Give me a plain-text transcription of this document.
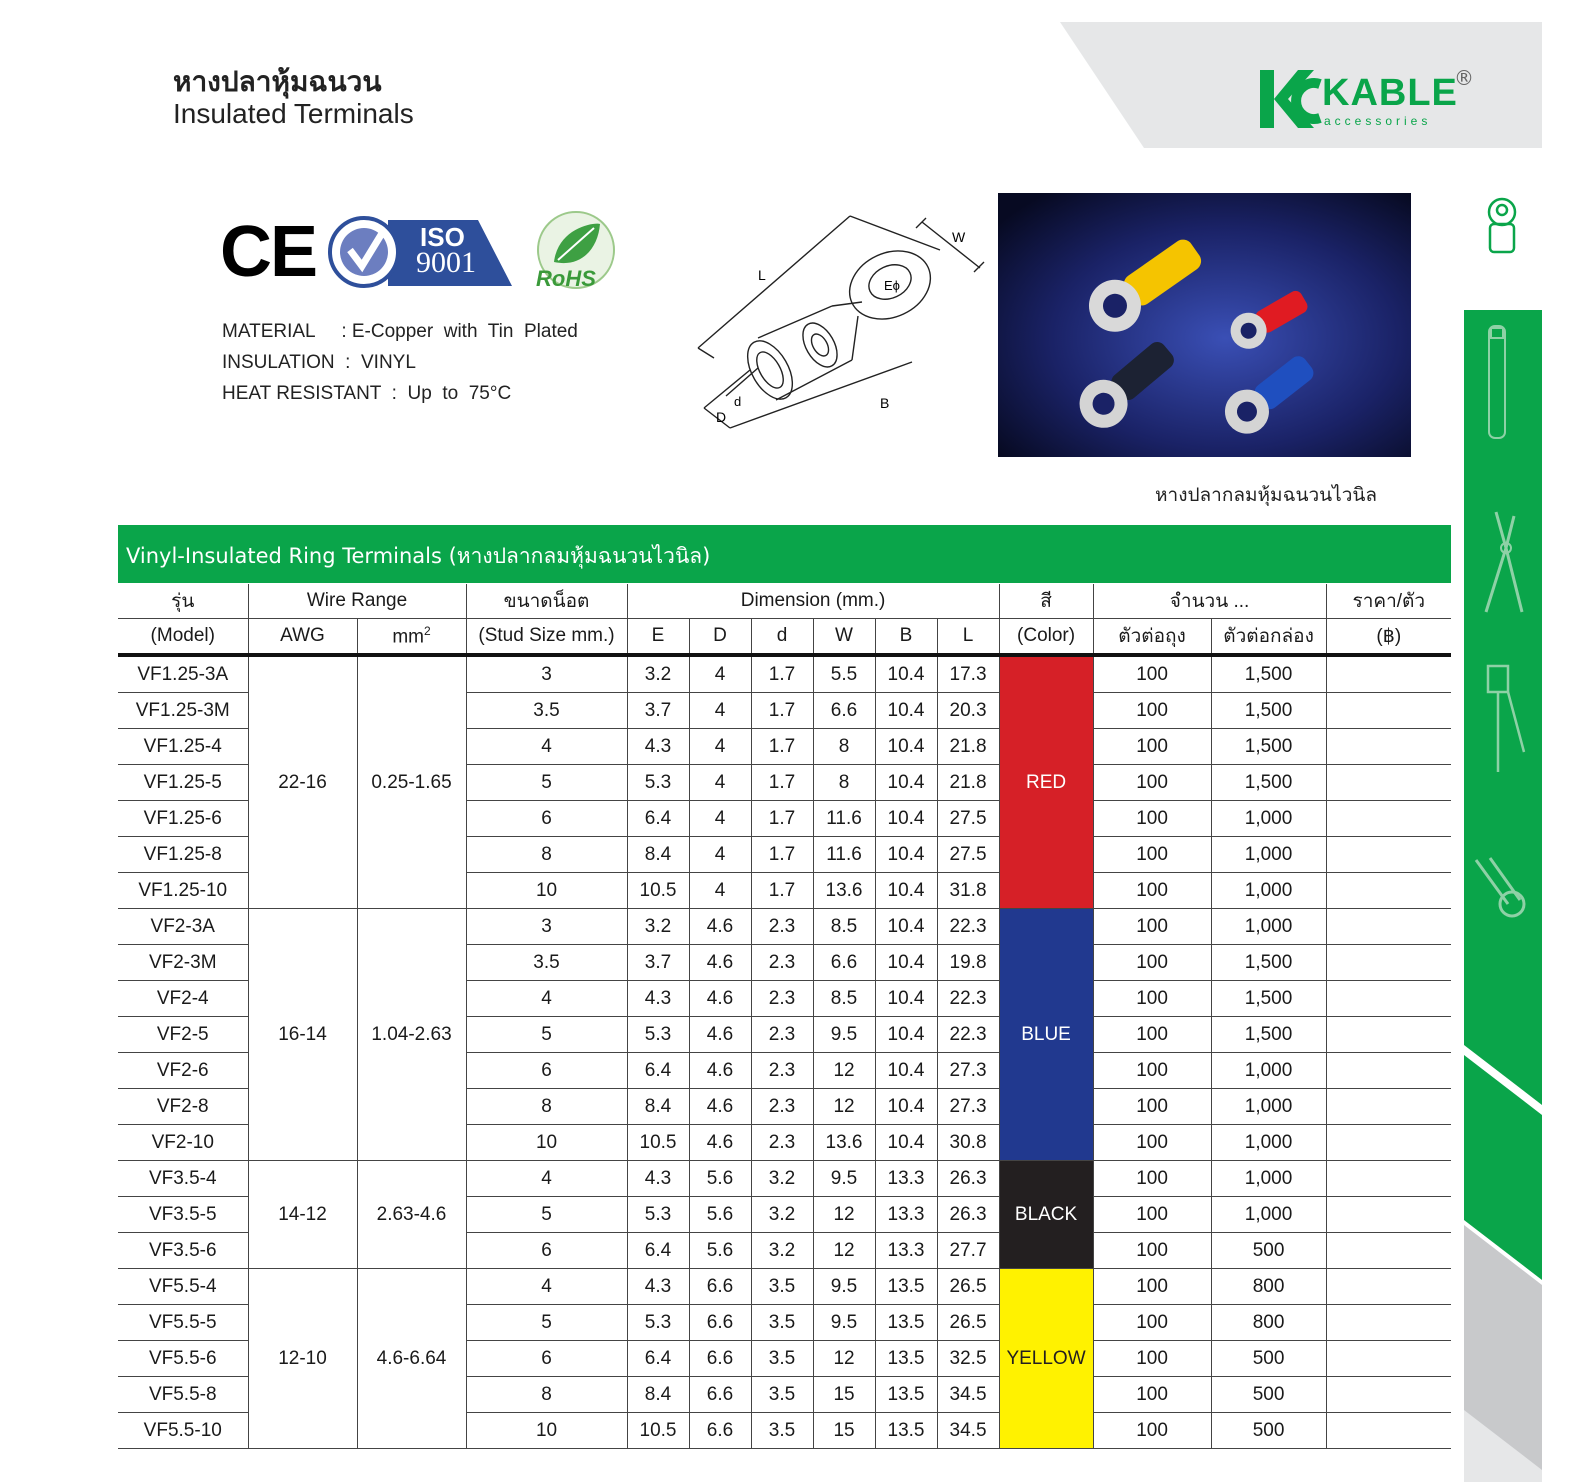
หางปลาหุ้มฉนวน
Insulated Terminals	KABLE
®
accessories
CE	ISO
9001	RoHS
MATERIAL : E-Copper  with  Tin  Plated
INSULATION :  VINYL
HEAT RESISTANT :  Up  to  75°C
L
W
Eϕ
d
D
B
หางปลากลมหุ้มฉนวนไวนิล
Vinyl-Insulated Ring Terminals (หางปลากลมหุ้มฉนวนไวนิล)
รุ่น	Wire Range		ขนาดน็อต	Dimension (mm.)						สี	จำนวน ...		ราคา/ตัว
(Model)	AWG	$mm^2$	(Stud Size mm.)	E	D	d	W	B	L	(Color)	ตัวต่อถุง	ตัวต่อกล่อง	(฿)
VF1.25-3A	22-16	0.25-1.65	3	3.2	4	1.7	5.5	10.4	17.3	RED	100	1,500	
VF1.25-3M			3.5	3.7	4	1.7	6.6	10.4	20.3		100	1,500	
VF1.25-4			4	4.3	4	1.7	8	10.4	21.8		100	1,500	
VF1.25-5			5	5.3	4	1.7	8	10.4	21.8		100	1,500	
VF1.25-6			6	6.4	4	1.7	11.6	10.4	27.5		100	1,000	
VF1.25-8			8	8.4	4	1.7	11.6	10.4	27.5		100	1,000	
VF1.25-10			10	10.5	4	1.7	13.6	10.4	31.8		100	1,000	
VF2-3A	16-14	1.04-2.63	3	3.2	4.6	2.3	8.5	10.4	22.3	BLUE	100	1,000	
VF2-3M			3.5	3.7	4.6	2.3	6.6	10.4	19.8		100	1,500	
VF2-4			4	4.3	4.6	2.3	8.5	10.4	22.3		100	1,500	
VF2-5			5	5.3	4.6	2.3	9.5	10.4	22.3		100	1,500	
VF2-6			6	6.4	4.6	2.3	12	10.4	27.3		100	1,000	
VF2-8			8	8.4	4.6	2.3	12	10.4	27.3		100	1,000	
VF2-10			10	10.5	4.6	2.3	13.6	10.4	30.8		100	1,000	
VF3.5-4	14-12	2.63-4.6	4	4.3	5.6	3.2	9.5	13.3	26.3	BLACK	100	1,000	
VF3.5-5			5	5.3	5.6	3.2	12	13.3	26.3		100	1,000	
VF3.5-6			6	6.4	5.6	3.2	12	13.3	27.7		100	500	
VF5.5-4	12-10	4.6-6.64	4	4.3	6.6	3.5	9.5	13.5	26.5	YELLOW	100	800	
VF5.5-5			5	5.3	6.6	3.5	9.5	13.5	26.5		100	800	
VF5.5-6			6	6.4	6.6	3.5	12	13.5	32.5		100	500	
VF5.5-8			8	8.4	6.6	3.5	15	13.5	34.5		100	500	
VF5.5-10			10	10.5	6.6	3.5	15	13.5	34.5		100	500	
